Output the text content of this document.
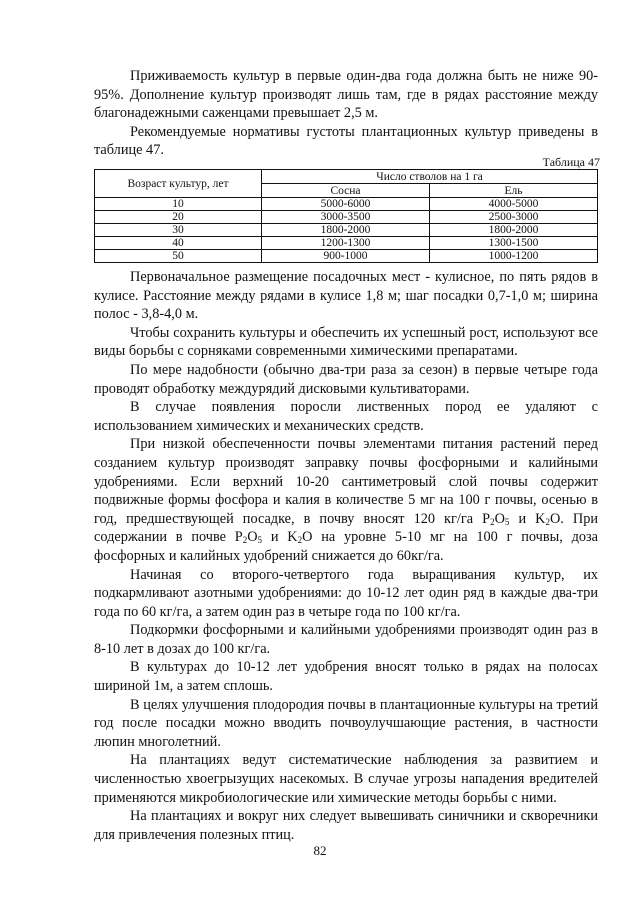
Приживаемость культур в первые один-два года должна быть не ниже 90-95%. Дополнение культур производят лишь там, где в рядах расстояние между благонадежными саженцами превышает 2,5 м.

Рекомендуемые нормативы густоты плантационных культур приведены в таблице 47.

Таблица 47
Возраст культур, лет	Число стволов на 1 га	
	Сосна	Ель
10	5000-6000	4000-5000
20	3000-3500	2500-3000
30	1800-2000	1800-2000
40	1200-1300	1300-1500
50	900-1000	1000-1200

Первоначальное размещение посадочных мест - кулисное, по пять рядов в кулисе. Расстояние между рядами в кулисе 1,8 м; шаг посадки 0,7-1,0 м; ширина полос - 3,8-4,0 м.

Чтобы сохранить культуры и обеспечить их успешный рост, используют все виды борьбы с сорняками современными химическими препаратами.

По мере надобности (обычно два-три раза за сезон) в первые четыре года проводят обработку междурядий дисковыми культиваторами.

В случае появления поросли лиственных пород ее удаляют с использованием химических и механических средств.

При низкой обеспеченности почвы элементами питания растений перед созданием культур производят заправку почвы фосфорными и калийными удобрениями. Если верхний 10-20 сантиметровый слой почвы содержит подвижные формы фосфора и калия в количестве 5 мг на 100 г почвы, осенью в год, предшествующей посадке, в почву вносят 120 кг/га $P_2O_5$ и $K_2O$. При содержании в почве $P_2O_5$ и $K_2O$ на уровне 5-10 мг на 100 г почвы, доза фосфорных и калийных удобрений снижается до 60кг/га.

Начиная со второго-четвертого года выращивания культур, их подкармливают азотными удобрениями: до 10-12 лет один ряд в каждые два-три года по 60 кг/га, а затем один раз в четыре года по 100 кг/га.

Подкормки фосфорными и калийными удобрениями производят один раз в 8-10 лет в дозах до 100 кг/га.

В культурах до 10-12 лет удобрения вносят только в рядах на полосах шириной 1м, а затем сплошь.

В целях улучшения плодородия почвы в плантационные культуры на третий год после посадки можно вводить почвоулучшающие растения, в частности люпин многолетний.

На плантациях ведут систематические наблюдения за развитием и численностью хвоегрызущих насекомых. В случае угрозы нападения вредителей применяются микробиологические или химические методы борьбы с ними.

На плантациях и вокруг них следует вывешивать синичники и скворечники для привлечения полезных птиц.

82
